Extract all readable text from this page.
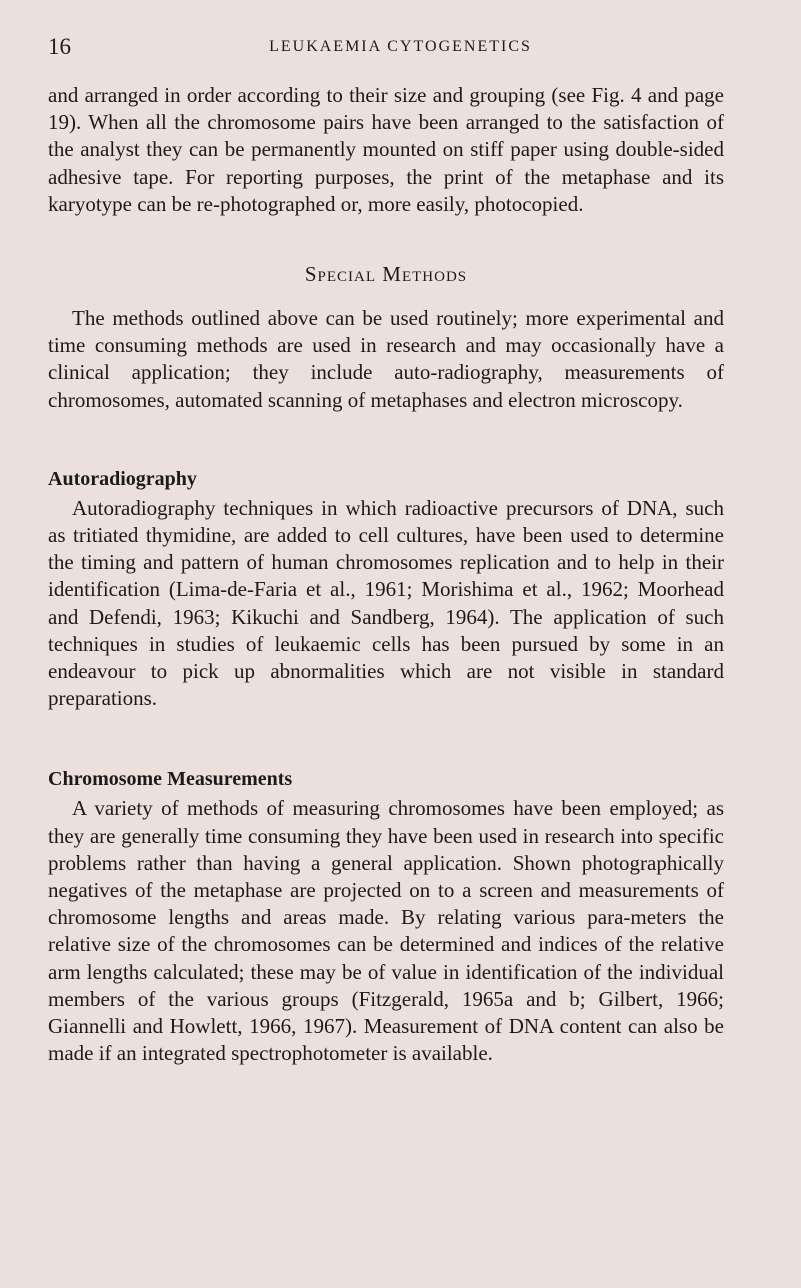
16	LEUKAEMIA CYTOGENETICS

and arranged in order according to their size and grouping (see Fig. 4 and page 19). When all the chromosome pairs have been arranged to the satisfaction of the analyst they can be permanently mounted on stiff paper using double-sided adhesive tape. For reporting purposes, the print of the metaphase and its karyotype can be re-photographed or, more easily, photocopied.

Special Methods

The methods outlined above can be used routinely; more experimental and time consuming methods are used in research and may occasionally have a clinical application; they include auto-radiography, measurements of chromosomes, automated scanning of metaphases and electron microscopy.

Autoradiography

Autoradiography techniques in which radioactive precursors of DNA, such as tritiated thymidine, are added to cell cultures, have been used to determine the timing and pattern of human chromosomes replication and to help in their identification (Lima-de-Faria et al., 1961; Morishima et al., 1962; Moorhead and Defendi, 1963; Kikuchi and Sandberg, 1964). The application of such techniques in studies of leukaemic cells has been pursued by some in an endeavour to pick up abnormalities which are not visible in standard preparations.

Chromosome Measurements

A variety of methods of measuring chromosomes have been employed; as they are generally time consuming they have been used in research into specific problems rather than having a general application. Shown photographically negatives of the metaphase are projected on to a screen and measurements of chromosome lengths and areas made. By relating various para-meters the relative size of the chromosomes can be determined and indices of the relative arm lengths calculated; these may be of value in identification of the individual members of the various groups (Fitzgerald, 1965a and b; Gilbert, 1966; Giannelli and Howlett, 1966, 1967). Measurement of DNA content can also be made if an integrated spectrophotometer is available.
